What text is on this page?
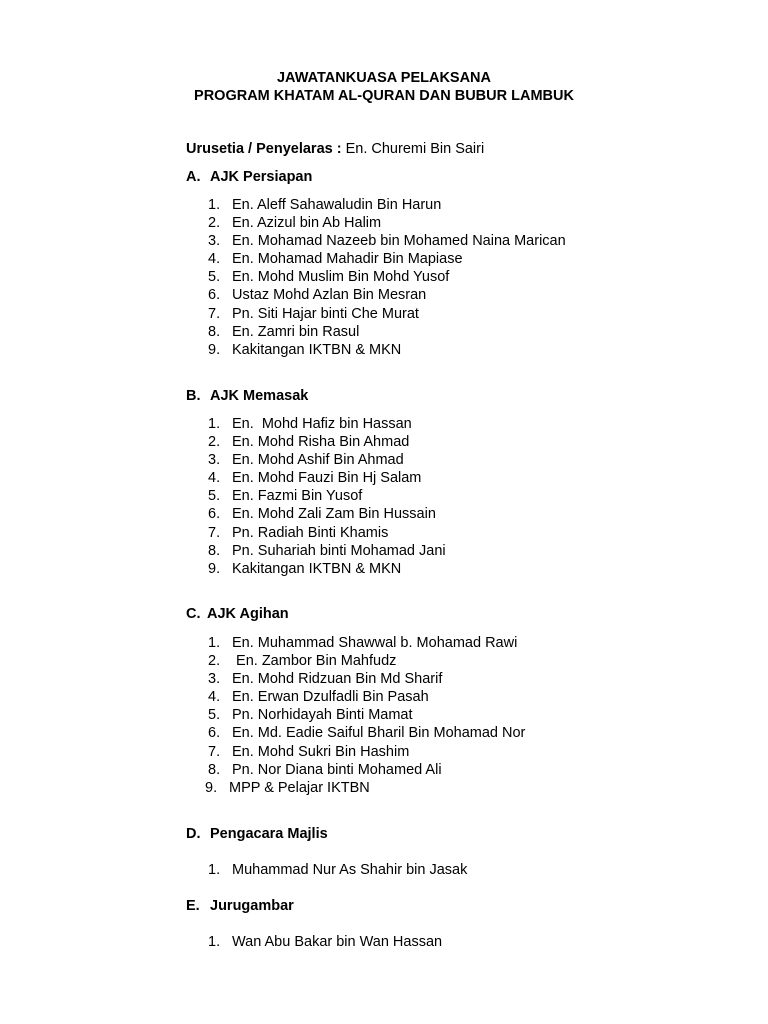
JAWATANKUASA PELAKSANA
PROGRAM KHATAM AL-QURAN DAN BUBUR LAMBUK
Urusetia / Penyelaras : En. Churemi Bin Sairi
A. AJK Persiapan
1. En. Aleff Sahawaludin Bin Harun
2. En. Azizul bin Ab Halim
3. En. Mohamad Nazeeb bin Mohamed Naina Marican
4. En. Mohamad Mahadir Bin Mapiase
5. En. Mohd Muslim Bin Mohd Yusof
6. Ustaz Mohd Azlan Bin Mesran
7. Pn. Siti Hajar binti Che Murat
8. En. Zamri bin Rasul
9. Kakitangan IKTBN & MKN
B. AJK Memasak
1. En.  Mohd Hafiz bin Hassan
2. En. Mohd Risha Bin Ahmad
3. En. Mohd Ashif Bin Ahmad
4. En. Mohd Fauzi Bin Hj Salam
5. En. Fazmi Bin Yusof
6. En. Mohd Zali Zam Bin Hussain
7. Pn. Radiah Binti Khamis
8. Pn. Suhariah binti Mohamad Jani
9. Kakitangan IKTBN & MKN
C. AJK Agihan
1. En. Muhammad Shawwal b. Mohamad Rawi
2. En. Zambor Bin Mahfudz
3. En. Mohd Ridzuan Bin Md Sharif
4. En. Erwan Dzulfadli Bin Pasah
5. Pn. Norhidayah Binti Mamat
6. En. Md. Eadie Saiful Bharil Bin Mohamad Nor
7. En. Mohd Sukri Bin Hashim
8. Pn. Nor Diana binti Mohamed Ali
9. MPP & Pelajar IKTBN
D. Pengacara Majlis
1. Muhammad Nur As Shahir bin Jasak
E. Jurugambar
1. Wan Abu Bakar bin Wan Hassan
